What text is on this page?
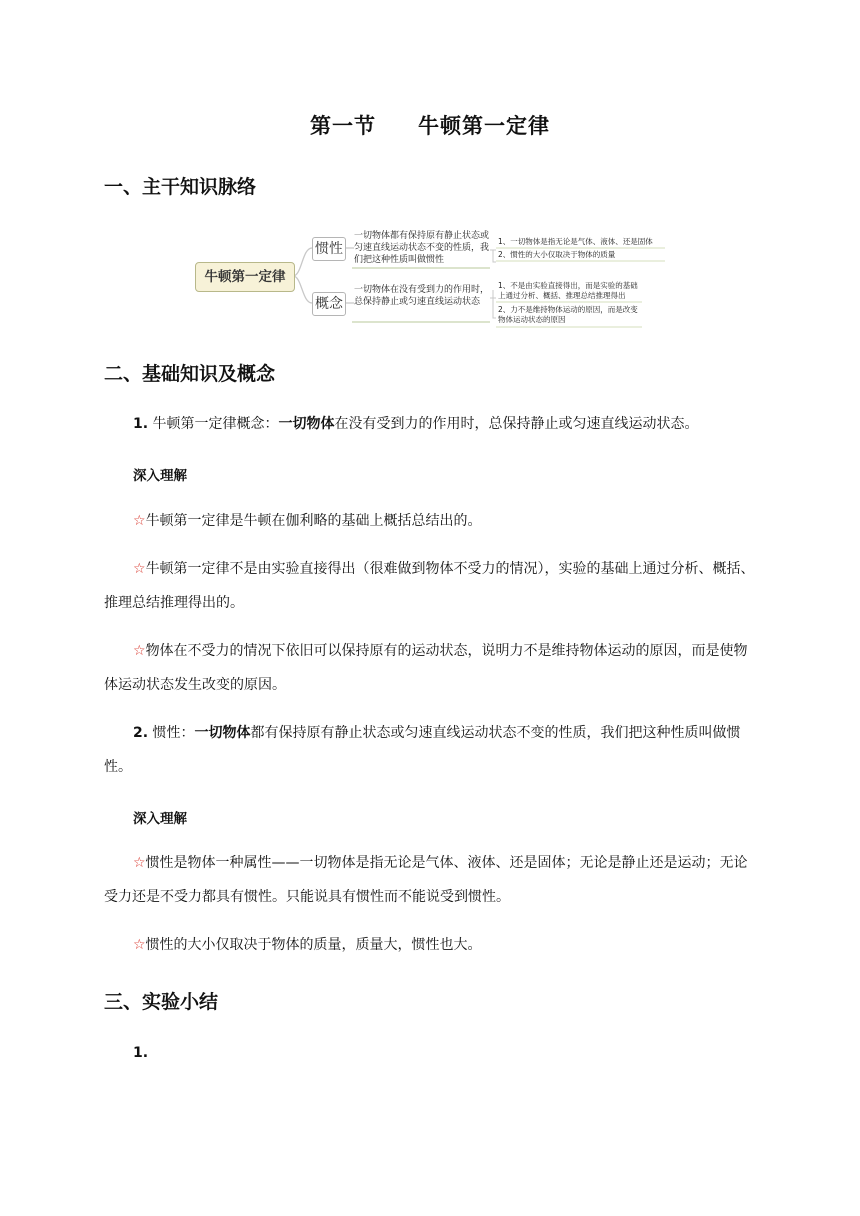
第一节 牛顿第一定律
一、主干知识脉络
牛顿第一定律
惯性
概念
一切物体都有保持原有静止状态或匀速直线运动状态不变的性质，我们把这种性质叫做惯性
一切物体在没有受到力的作用时，总保持静止或匀速直线运动状态
1、一切物体是指无论是气体、液体、还是固体
2、惯性的大小仅取决于物体的质量
1、不是由实验直接得出，而是实验的基础上通过分析、概括、推理总结推理得出
2、力不是维持物体运动的原因，而是改变物体运动状态的原因
二、基础知识及概念
1. 牛顿第一定律概念：一切物体在没有受到力的作用时，总保持静止或匀速直线运动状态。
深入理解
☆牛顿第一定律是牛顿在伽利略的基础上概括总结出的。
☆牛顿第一定律不是由实验直接得出（很难做到物体不受力的情况），实验的基础上通过分析、概括、推理总结推理得出的。
☆物体在不受力的情况下依旧可以保持原有的运动状态，说明力不是维持物体运动的原因，而是使物体运动状态发生改变的原因。
2. 惯性：一切物体都有保持原有静止状态或匀速直线运动状态不变的性质，我们把这种性质叫做惯性。
深入理解
☆惯性是物体一种属性——一切物体是指无论是气体、液体、还是固体；无论是静止还是运动；无论受力还是不受力都具有惯性。只能说具有惯性而不能说受到惯性。
☆惯性的大小仅取决于物体的质量，质量大，惯性也大。
三、实验小结
1.
